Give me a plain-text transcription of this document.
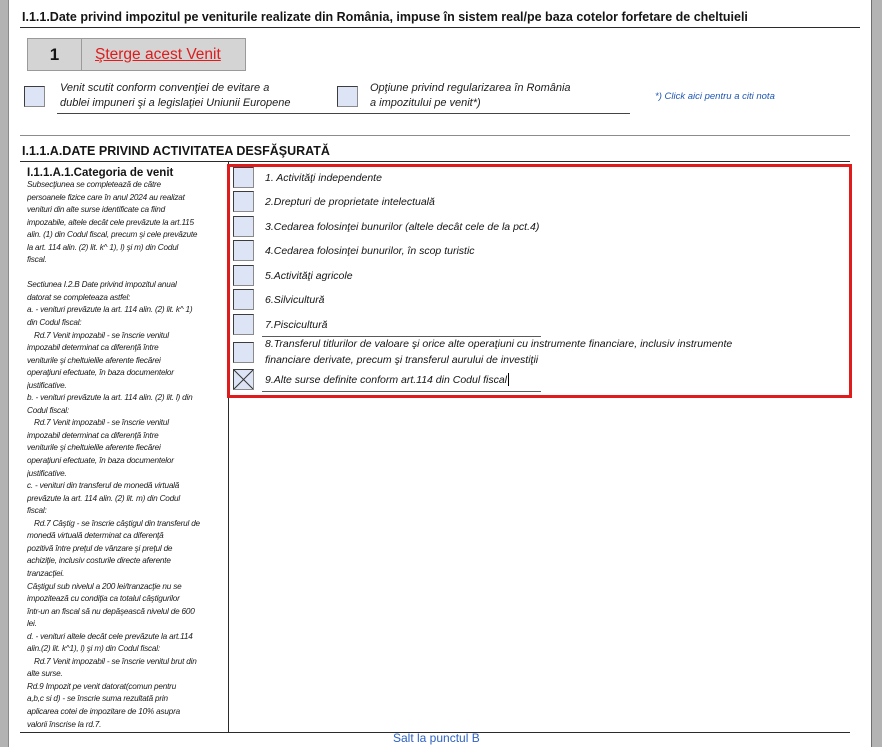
I.1.1.Date privind impozitul pe veniturile realizate din România, impuse în sistem real/pe baza cotelor forfetare de cheltuieli
1	Şterge acest Venit
Venit scutit conform convenţiei de evitare a
dublei impuneri şi a legislaţiei Uniunii Europene
Opţiune privind regularizarea în România
a impozitului pe venit*)
*) Click aici pentru a citi nota
I.1.1.A.DATE PRIVIND ACTIVITATEA DESFĂŞURATĂ
I.1.1.A.1.Categoria de venit
Subsecţiunea se completează de către
persoanele fizice care în anul 2024 au realizat
venituri din alte surse identificate ca fiind
impozabile, altele decât cele prevăzute la art.115
alin. (1) din Codul fiscal, precum şi cele prevăzute
la art. 114 alin. (2) lit. k^ 1), l) şi m) din Codul
fiscal.
Sectiunea I.2.B Date privind impozitul anual
datorat se completeaza astfel:
a. - venituri prevăzute la art. 114 alin. (2) lit. k^ 1)
din Codul fiscal:
Rd.7 Venit impozabil - se înscrie venitul
impozabil determinat ca diferenţă între
veniturile şi cheltuielile aferente fiecărei
operaţiuni efectuate, în baza documentelor
justificative.
b. - venituri prevăzute la art. 114 alin. (2) lit. l) din
Codul fiscal:
Rd.7 Venit impozabil - se înscrie venitul
impozabil determinat ca diferenţă între
veniturile şi cheltuielile aferente fiecărei
operaţiuni efectuate, în baza documentelor
justificative.
c. - venituri din transferul de monedă virtuală
prevăzute la art. 114 alin. (2) lit. m) din Codul
fiscal:
Rd.7 Câştig - se înscrie câştigul din transferul de
monedă virtuală determinat ca diferenţă
pozitivă între preţul de vânzare şi preţul de
achiziţie, inclusiv costurile directe aferente
tranzacţiei.
Câştigul sub nivelul a 200 lei/tranzacţie nu se
impozitează cu condiţia ca totalul câştigurilor
într-un an fiscal să nu depăşească nivelul de 600
lei.
d. - venituri altele decât cele prevăzute la art.114
alin.(2) lit. k^1), l) şi m) din Codul fiscal:
Rd.7 Venit impozabil - se înscrie venitul brut din
alte surse.
Rd.9 Impozit pe venit datorat(comun pentru
a,b,c si d) - se înscrie suma rezultată prin
aplicarea cotei de impozitare de 10% asupra
valorii înscrise la rd.7.
1. Activităţi independente
2.Drepturi de proprietate intelectuală
3.Cedarea folosinţei bunurilor (altele decât cele de la pct.4)
4.Cedarea folosinţei bunurilor, în scop turistic
5.Activităţi agricole
6.Silvicultură
7.Piscicultură
8.Transferul titlurilor de valoare şi orice alte operaţiuni cu instrumente financiare, inclusiv instrumente
financiare derivate, precum şi transferul aurului de investiţii
9.Alte surse definite conform art.114 din Codul fiscal
Salt la punctul B
